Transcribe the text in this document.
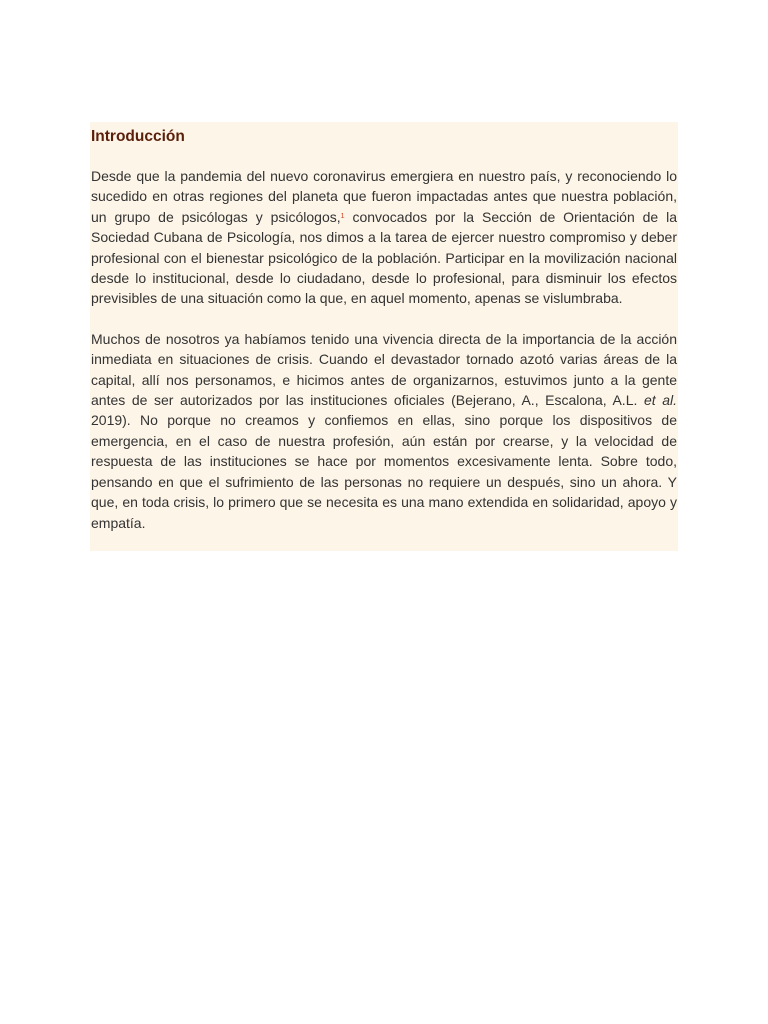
Introducción

Desde que la pandemia del nuevo coronavirus emergiera en nuestro país, y reconociendo lo sucedido en otras regiones del planeta que fueron impactadas antes que nuestra población, un grupo de psicólogas y psicólogos,$^1$ convocados por la Sección de Orientación de la Sociedad Cubana de Psicología, nos dimos a la tarea de ejercer nuestro compromiso y deber profesional con el bienestar psicológico de la población. Participar en la movilización nacional desde lo institucional, desde lo ciudadano, desde lo profesional, para disminuir los efectos previsibles de una situación como la que, en aquel momento, apenas se vislumbraba.

Muchos de nosotros ya habíamos tenido una vivencia directa de la importancia de la acción inmediata en situaciones de crisis. Cuando el devastador tornado azotó varias áreas de la capital, allí nos personamos, e hicimos antes de organizarnos, estuvimos junto a la gente antes de ser autorizados por las instituciones oficiales (Bejerano, A., Escalona, A.L. et al. 2019). No porque no creamos y confiemos en ellas, sino porque los dispositivos de emergencia, en el caso de nuestra profesión, aún están por crearse, y la velocidad de respuesta de las instituciones se hace por momentos excesivamente lenta. Sobre todo, pensando en que el sufrimiento de las personas no requiere un después, sino un ahora. Y que, en toda crisis, lo primero que se necesita es una mano extendida en solidaridad, apoyo y empatía.
